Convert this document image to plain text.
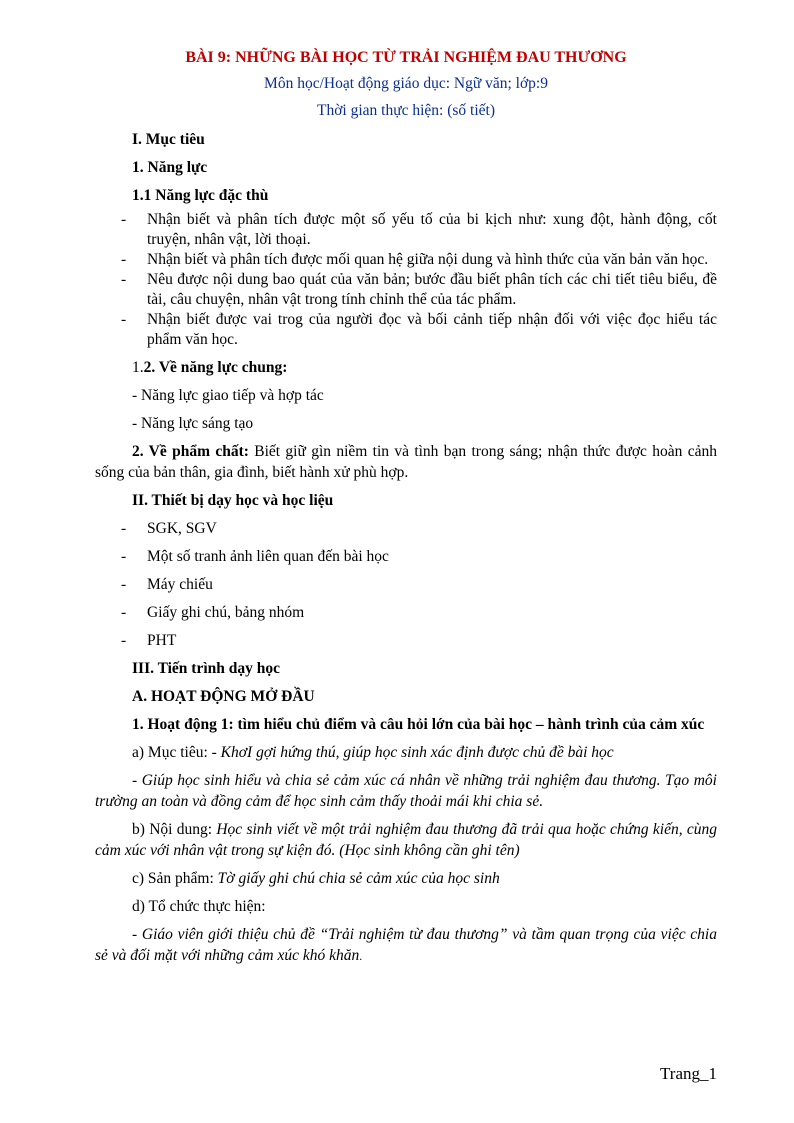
BÀI 9: NHỮNG BÀI HỌC TỪ TRẢI NGHIỆM ĐAU THƯƠNG
Môn học/Hoạt động giáo dục: Ngữ văn; lớp:9
Thời gian thực hiện: (số tiết)

I. Mục tiêu

1. Năng lực

1.1 Năng lực đặc thù

- Nhận biết và phân tích được một số yếu tố của bi kịch như: xung đột, hành động, cốt truyện, nhân vật, lời thoại.
- Nhận biết và phân tích được mối quan hệ giữa nội dung và hình thức của văn bản văn học.
- Nêu được nội dung bao quát của văn bản; bước đầu biết phân tích các chi tiết tiêu biểu, đề tài, câu chuyện, nhân vật trong tính chỉnh thể của tác phẩm.
- Nhận biết được vai trog của người đọc và bối cảnh tiếp nhận đối với việc đọc hiểu tác phẩm văn học.

1.2. Về năng lực chung:

- Năng lực giao tiếp và hợp tác

- Năng lực sáng tạo

2. Về phẩm chất: Biết giữ gìn niềm tin và tình bạn trong sáng; nhận thức được hoàn cảnh sống của bản thân, gia đình, biết hành xử phù hợp.

II. Thiết bị dạy học và học liệu

- SGK, SGV
- Một số tranh ảnh liên quan đến bài học
- Máy chiếu
- Giấy ghi chú, bảng nhóm
- PHT

III. Tiến trình dạy học

A. HOẠT ĐỘNG MỞ ĐẦU

1. Hoạt động 1: tìm hiểu chủ điểm và câu hỏi lớn của bài học – hành trình của cảm xúc

a) Mục tiêu: - KhơI gợi hứng thú, giúp học sinh xác định được chủ đề bài học

- Giúp học sinh hiểu và chia sẻ cảm xúc cá nhân về những trải nghiệm đau thương. Tạo môi trường an toàn và đồng cảm để học sinh cảm thấy thoải mái khi chia sẻ.

b) Nội dung: Học sinh viết về một trải nghiệm đau thương đã trải qua hoặc chứng kiến, cùng cảm xúc với nhân vật trong sự kiện đó. (Học sinh không cần ghi tên)

c) Sản phẩm: Tờ giấy ghi chú chia sẻ cảm xúc của học sinh

d) Tổ chức thực hiện:

- Giáo viên giới thiệu chủ đề “Trải nghiệm từ đau thương” và tầm quan trọng của việc chia sẻ và đối mặt với những cảm xúc khó khăn.

Trang_1
